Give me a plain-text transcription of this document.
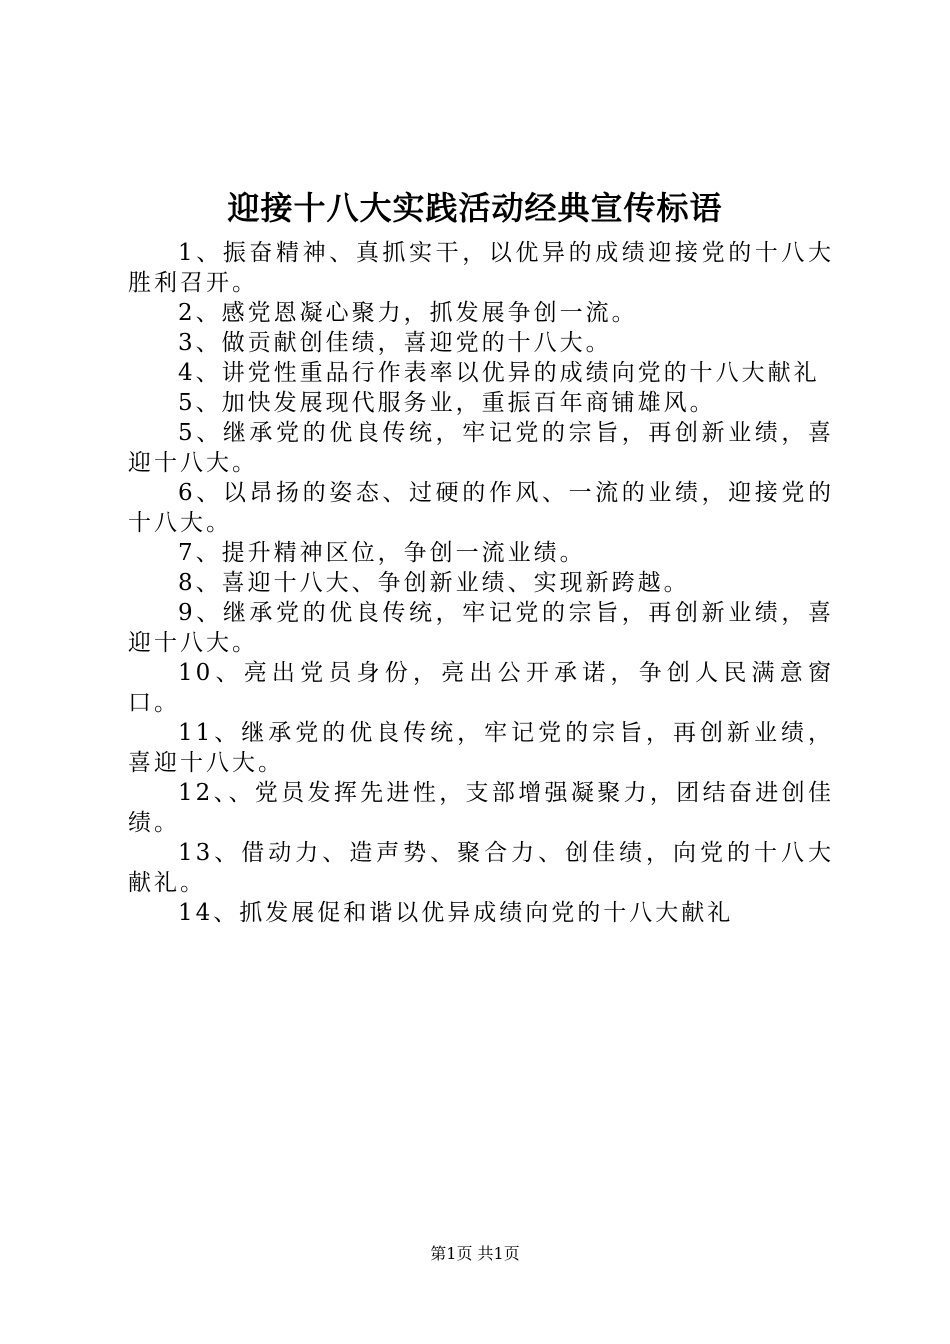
迎接十八大实践活动经典宣传标语

1、振奋精神、真抓实干，以优异的成绩迎接党的十八大胜利召开。

2、感党恩凝心聚力，抓发展争创一流。

3、做贡献创佳绩，喜迎党的十八大。

4、讲党性重品行作表率以优异的成绩向党的十八大献礼

5、加快发展现代服务业，重振百年商铺雄风。

5、继承党的优良传统，牢记党的宗旨，再创新业绩，喜迎十八大。

6、以昂扬的姿态、过硬的作风、一流的业绩，迎接党的十八大。

7、提升精神区位，争创一流业绩。

8、喜迎十八大、争创新业绩、实现新跨越。

9、继承党的优良传统，牢记党的宗旨，再创新业绩，喜迎十八大。

10、亮出党员身份，亮出公开承诺，争创人民满意窗口。

11、继承党的优良传统，牢记党的宗旨，再创新业绩，喜迎十八大。

12、、党员发挥先进性，支部增强凝聚力，团结奋进创佳绩。

13、借动力、造声势、聚合力、创佳绩，向党的十八大献礼。

14、抓发展促和谐以优异成绩向党的十八大献礼

第1页 共1页
